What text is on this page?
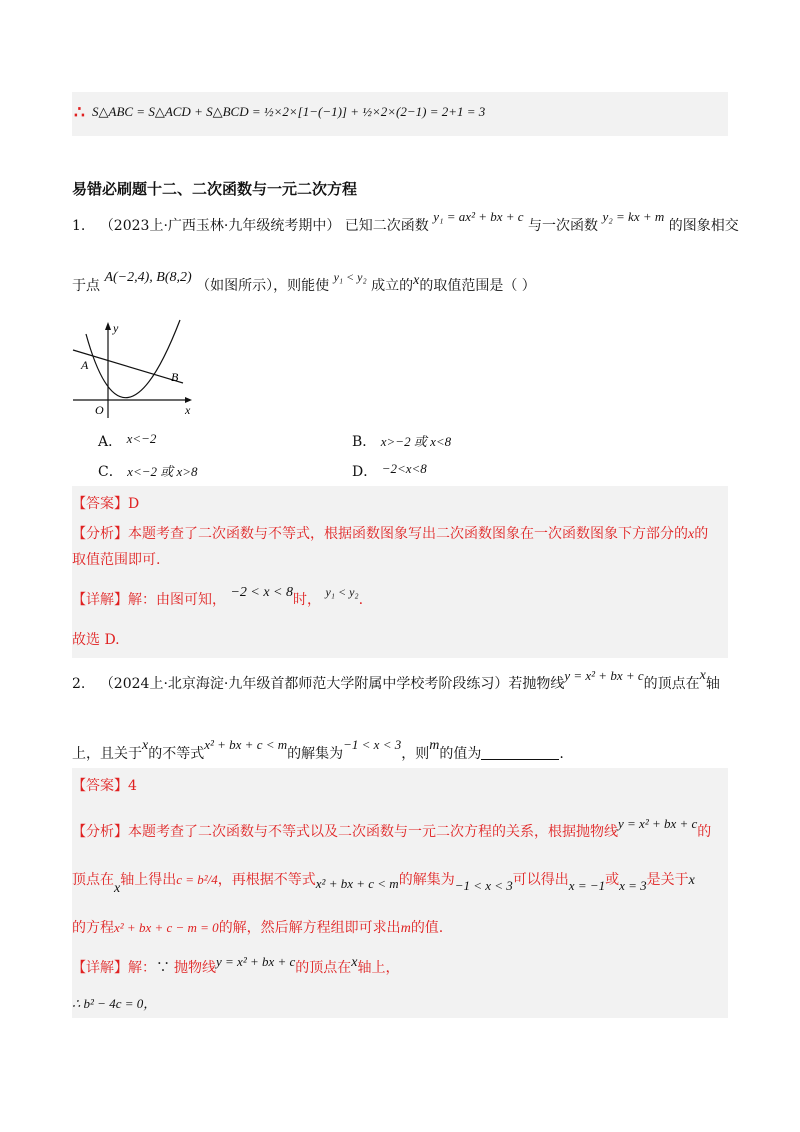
∴ S△ABC = S△ACD + S△BCD = ½×2×[1−(−1)] + ½×2×(2−1) = 2+1 = 3
易错必刷题十二、二次函数与一元二次方程
1. （2023上·广西玉林·九年级统考期中） 已知二次函数 y₁ = ax² + bx + c 与一次函数 y₂ = kx + m 的图象相交
于点 A(−2,4), B(8,2) （如图所示），则能使 y₁ < y₂ 成立的x的取值范围是（ ）
y
x
O
A
B
A． x<−2	B． x>−2 或 x<8
C． x<−2 或 x>8	D． −2<x<8
【答案】D
【分析】本题考查了二次函数与不等式，根据函数图象写出二次函数图象在一次函数图象下方部分的x的
取值范围即可.
【详解】解：由图可知， −2 < x < 8时， y₁ < y₂.
故选 D.
2. （2024上·北京海淀·九年级首都师范大学附属中学校考阶段练习）若抛物线y = x² + bx + c的顶点在x轴
上，且关于x的不等式x² + bx + c < m的解集为−1 < x < 3，则m的值为	.
【答案】4
【分析】本题考查了二次函数与不等式以及二次函数与一元二次方程的关系，根据抛物线y = x² + bx + c的
顶点在x轴上得出c = b²/4，再根据不等式x² + bx + c < m的解集为−1 < x < 3可以得出x = −1或x = 3是关于x
的方程x² + bx + c − m = 0的解，然后解方程组即可求出m的值.
【详解】解：∵ 抛物线y = x² + bx + c的顶点在x轴上，
∴ b² − 4c = 0，
